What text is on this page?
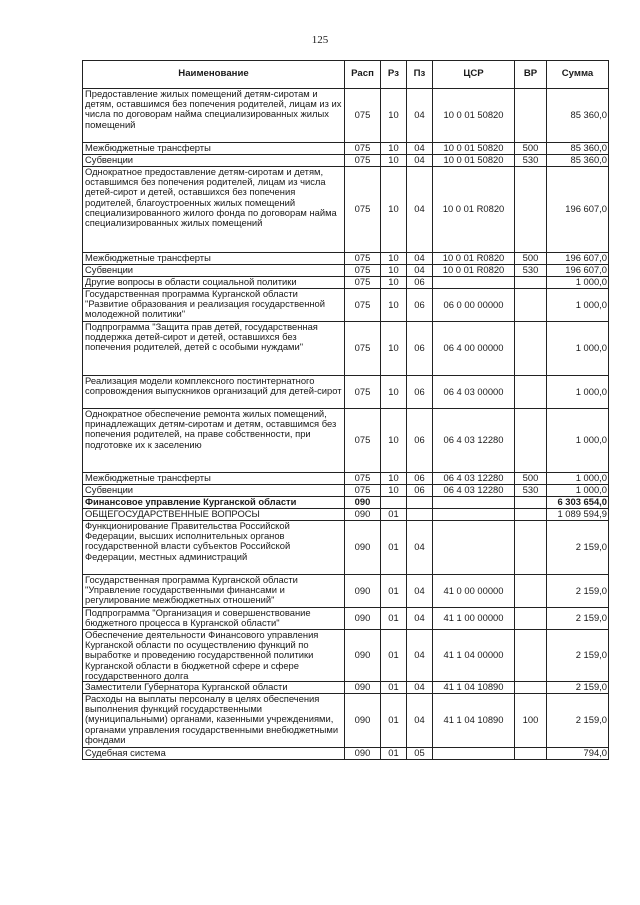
125
Наименование	Расп	Рз	Пз	ЦСР	ВР	Сумма
Предоставление жилых помещений детям-сиротам и детям, оставшимся без попечения родителей, лицам из их числа по договорам найма специализированных жилых помещений	075	10	04	10 0 01 50820		85 360,0
Межбюджетные трансферты	075	10	04	10 0 01 50820	500	85 360,0
Субвенции	075	10	04	10 0 01 50820	530	85 360,0
Однократное предоставление детям-сиротам и детям, оставшимся без попечения родителей, лицам из числа детей-сирот и детей, оставшихся без попечения родителей, благоустроенных жилых помещений специализированного жилого фонда по договорам найма специализированных жилых помещений	075	10	04	10 0 01 R0820		196 607,0
Межбюджетные трансферты	075	10	04	10 0 01 R0820	500	196 607,0
Субвенции	075	10	04	10 0 01 R0820	530	196 607,0
Другие вопросы в области социальной политики	075	10	06			1 000,0
Государственная программа Курганской области "Развитие образования и реализация государственной молодежной политики"	075	10	06	06 0 00 00000		1 000,0
Подпрограмма "Защита прав детей, государственная поддержка детей-сирот и детей, оставшихся без попечения родителей, детей с особыми нуждами"	075	10	06	06 4 00 00000		1 000,0
Реализация модели комплексного постинтернатного сопровождения выпускников организаций для детей-сирот	075	10	06	06 4 03 00000		1 000,0
Однократное обеспечение ремонта жилых помещений, принадлежащих детям-сиротам и детям, оставшимся без попечения родителей, на праве собственности, при подготовке их к заселению	075	10	06	06 4 03 12280		1 000,0
Межбюджетные трансферты	075	10	06	06 4 03 12280	500	1 000,0
Субвенции	075	10	06	06 4 03 12280	530	1 000,0
Финансовое управление Курганской области	090					6 303 654,0
ОБЩЕГОСУДАРСТВЕННЫЕ ВОПРОСЫ	090	01				1 089 594,9
Функционирование Правительства Российской Федерации, высших исполнительных органов государственной власти субъектов Российской Федерации, местных администраций	090	01	04			2 159,0
Государственная программа Курганской области "Управление государственными финансами и регулирование межбюджетных отношений"	090	01	04	41 0 00 00000		2 159,0
Подпрограмма "Организация и совершенствование бюджетного процесса в Курганской области"	090	01	04	41 1 00 00000		2 159,0
Обеспечение деятельности Финансового управления Курганской области по осуществлению функций по выработке и проведению государственной политики Курганской области в бюджетной сфере и сфере государственного долга	090	01	04	41 1 04 00000		2 159,0
Заместители Губернатора Курганской области	090	01	04	41 1 04 10890		2 159,0
Расходы на выплаты персоналу в целях обеспечения выполнения функций государственными (муниципальными) органами, казенными учреждениями, органами управления государственными внебюджетными фондами	090	01	04	41 1 04 10890	100	2 159,0
Судебная система	090	01	05			794,0
